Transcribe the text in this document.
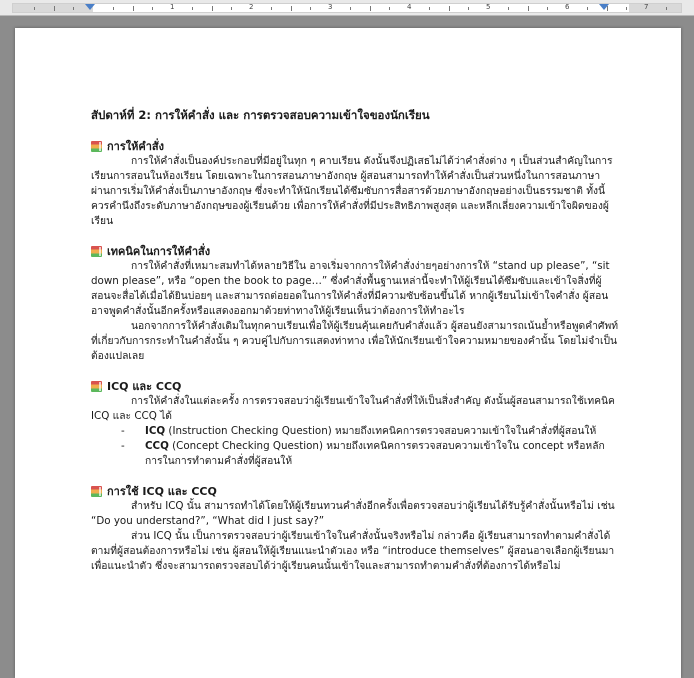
1	2	3	4	5	6	7
สัปดาห์ที่ 2: การให้คำสั่ง และ การตรวจสอบความเข้าใจของนักเรียน
การให้คำสั่ง

การให้คำสั่งเป็นองค์ประกอบที่มีอยู่ในทุก ๆ คาบเรียน ดังนั้นจึงปฏิเสธไม่ได้ว่าคำสั่งต่าง ๆ เป็นส่วนสำคัญในการเรียนการสอนในห้องเรียน โดยเฉพาะในการสอนภาษาอังกฤษ ผู้สอนสามารถทำให้คำสั่งเป็นส่วนหนึ่งในการสอนภาษา ผ่านการเริ่มให้คำสั่งเป็นภาษาอังกฤษ ซึ่งจะทำให้นักเรียนได้ซึมซับการสื่อสารด้วยภาษาอังกฤษอย่างเป็นธรรมชาติ ทั้งนี้ควรคำนึงถึงระดับภาษาอังกฤษของผู้เรียนด้วย เพื่อการให้คำสั่งที่มีประสิทธิภาพสูงสุด และหลีกเลี่ยงความเข้าใจผิดของผู้เรียน

เทคนิคในการให้คำสั่ง

การให้คำสั่งที่เหมาะสมทำได้หลายวิธีใน อาจเริ่มจากการให้คำสั่งง่ายๆอย่างการให้ “stand up please”, “sit down please”, หรือ “open the book to page…” ซึ่งคำสั่งพื้นฐานเหล่านี้จะทำให้ผู้เรียนได้ซึมซับและเข้าใจสิ่งที่ผู้สอนจะสื่อได้เมื่อได้ยินบ่อยๆ และสามารถต่อยอดในการให้คำสั่งที่มีความซับซ้อนขึ้นได้ หากผู้เรียนไม่เข้าใจคำสั่ง ผู้สอนอาจพูดคำสั่งนั้นอีกครั้งหรือแสดงออกมาด้วยท่าทางให้ผู้เรียนเห็นว่าต้องการให้ทำอะไร

นอกจากการให้คำสั่งเดิมในทุกคาบเรียนเพื่อให้ผู้เรียนคุ้นเคยกับคำสั่งแล้ว ผู้สอนยังสามารถเน้นย้ำหรือพูดคำศัพท์ที่เกี่ยวกับการกระทำในคำสั่งนั้น ๆ ควบคู่ไปกับการแสดงท่าทาง เพื่อให้นักเรียนเข้าใจความหมายของคำนั้น โดยไม่จำเป็นต้องแปลเลย

ICQ และ CCQ

การให้คำสั่งในแต่ละครั้ง การตรวจสอบว่าผู้เรียนเข้าใจในคำสั่งที่ให้เป็นสิ่งสำคัญ ดังนั้นผู้สอนสามารถใช้เทคนิค ICQ และ CCQ ได้

- ICQ (Instruction Checking Question) หมายถึงเทคนิคการตรวจสอบความเข้าใจในคำสั่งที่ผู้สอนให้
- CCQ (Concept Checking Question) หมายถึงเทคนิคการตรวจสอบความเข้าใจใน concept หรือหลักการในการทำตามคำสั่งที่ผู้สอนให้
การใช้ ICQ และ CCQ

สำหรับ ICQ นั้น สามารถทำได้โดยให้ผู้เรียนทวนคำสั่งอีกครั้งเพื่อตรวจสอบว่าผู้เรียนได้รับรู้คำสั่งนั้นหรือไม่ เช่น “Do you understand?”, “What did I just say?”

ส่วน ICQ นั้น เป็นการตรวจสอบว่าผู้เรียนเข้าใจในคำสั่งนั้นจริงหรือไม่ กล่าวคือ ผู้เรียนสามารถทำตามคำสั่งได้ตามที่ผู้สอนต้องการหรือไม่ เช่น ผู้สอนให้ผู้เรียนแนะนำตัวเอง หรือ “introduce themselves” ผู้สอนอาจเลือกผู้เรียนมาเพื่อแนะนำตัว ซึ่งจะสามารถตรวจสอบได้ว่าผู้เรียนคนนั้นเข้าใจและสามารถทำตามคำสั่งที่ต้องการได้หรือไม่
